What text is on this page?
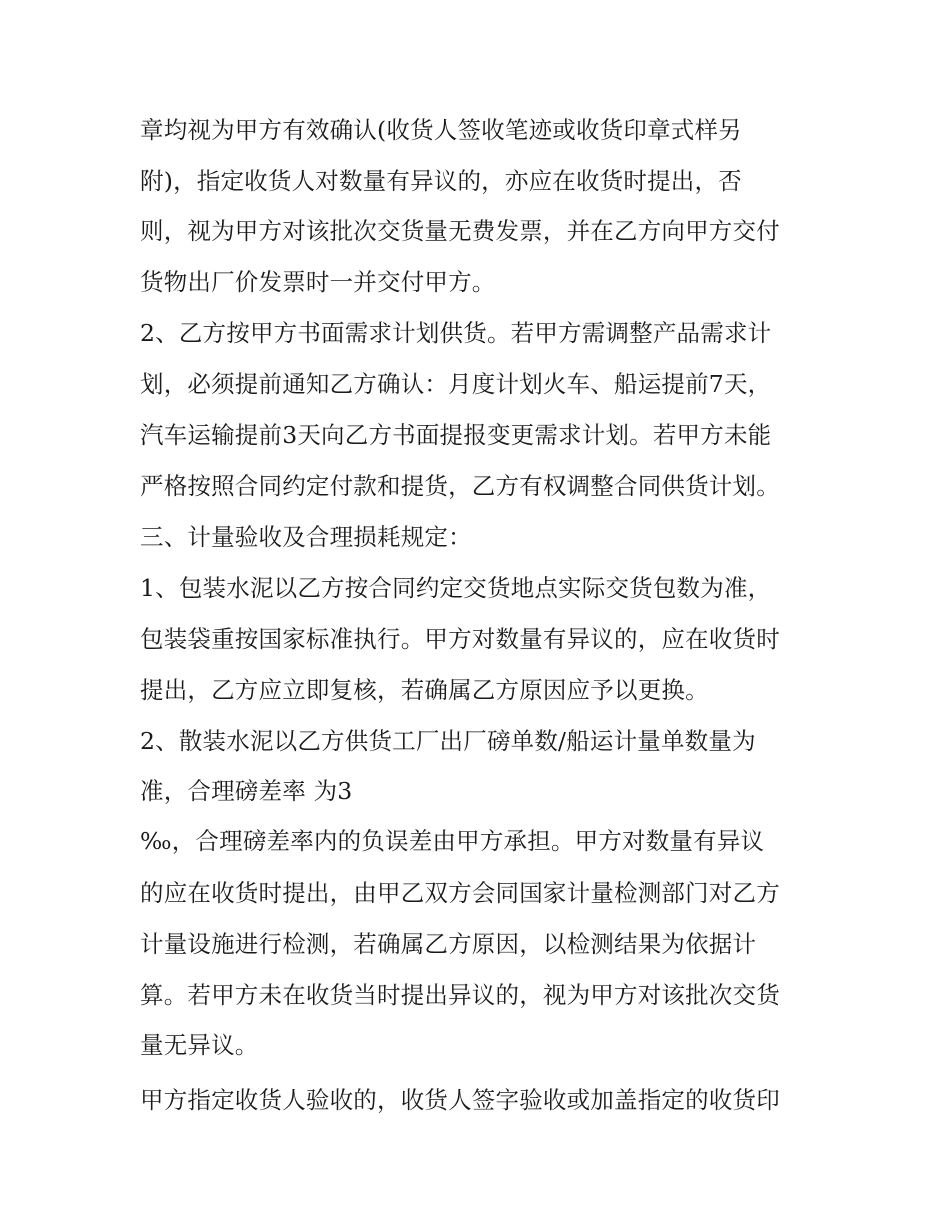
章均视为甲方有效确认(收货人签收笔迹或收货印章式样另
附)，指定收货人对数量有异议的，亦应在收货时提出，否
则，视为甲方对该批次交货量无费发票，并在乙方向甲方交付
货物出厂价发票时一并交付甲方。
2、乙方按甲方书面需求计划供货。若甲方需调整产品需求计
划，必须提前通知乙方确认：月度计划火车、船运提前7天，
汽车运输提前3天向乙方书面提报变更需求计划。若甲方未能
严格按照合同约定付款和提货，乙方有权调整合同供货计划。
三、计量验收及合理损耗规定：
1、包装水泥以乙方按合同约定交货地点实际交货包数为准，
包装袋重按国家标准执行。甲方对数量有异议的，应在收货时
提出，乙方应立即复核，若确属乙方原因应予以更换。
2、散装水泥以乙方供货工厂出厂磅单数/船运计量单数量为
准，合理磅差率 为3
‰，合理磅差率内的负误差由甲方承担。甲方对数量有异议
的应在收货时提出，由甲乙双方会同国家计量检测部门对乙方
计量设施进行检测，若确属乙方原因，以检测结果为依据计
算。若甲方未在收货当时提出异议的，视为甲方对该批次交货
量无异议。
甲方指定收货人验收的，收货人签字验收或加盖指定的收货印
